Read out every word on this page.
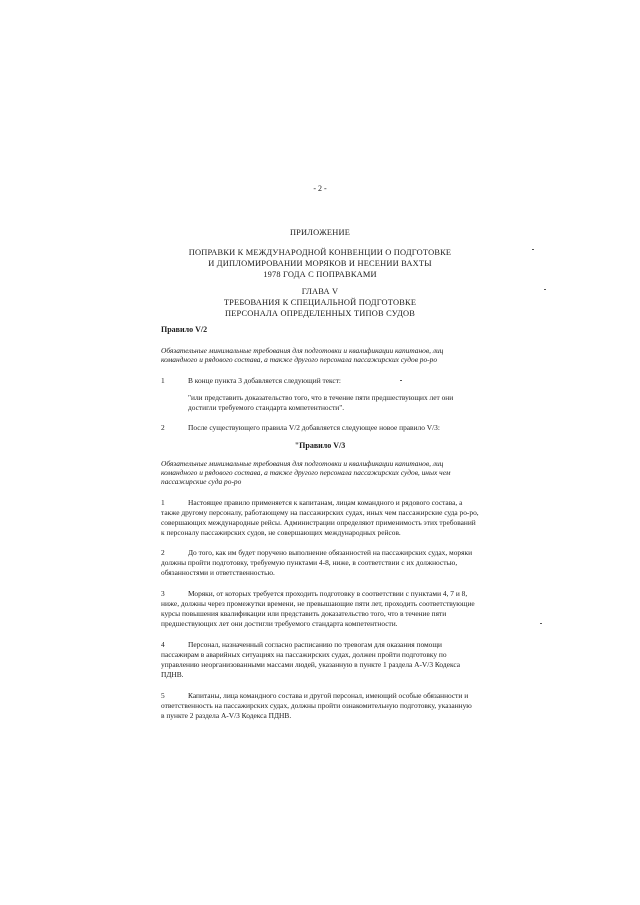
- 2 -
ПРИЛОЖЕНИЕ
ПОПРАВКИ К МЕЖДУНАРОДНОЙ КОНВЕНЦИИ О ПОДГОТОВКЕ
И ДИПЛОМИРОВАНИИ МОРЯКОВ И НЕСЕНИИ ВАХТЫ
1978 ГОДА С ПОПРАВКАМИ
ГЛАВА V
ТРЕБОВАНИЯ К СПЕЦИАЛЬНОЙ ПОДГОТОВКЕ
ПЕРСОНАЛА ОПРЕДЕЛЕННЫХ ТИПОВ СУДОВ
Правило V/2
Обязательные минимальные требования для подготовки и квалификации капитанов, лиц
командного и рядового состава, а также другого персонала пассажирских судов ро-ро
1	В конце пункта 3 добавляется следующий текст:
"или представить доказательство того, что в течение пяти предшествующих лет они
достигли требуемого стандарта компетентности".
2	После существующего правила V/2 добавляется следующее новое правило V/3:
"Правило V/3
Обязательные минимальные требования для подготовки и квалификации капитанов, лиц
командного и рядового состава, а также другого персонала пассажирских судов, иных чем
пассажирские суда ро-ро
1	Настоящее правило применяется к капитанам, лицам командного и рядового состава, а
также другому персоналу, работающему на пассажирских судах, иных чем пассажирские суда ро-ро,
совершающих международные рейсы. Администрации определяют применимость этих требований
к персоналу пассажирских судов, не совершающих международных рейсов.
2	До того, как им будет поручено выполнение обязанностей на пассажирских судах, моряки
должны пройти подготовку, требуемую пунктами 4-8, ниже, в соответствии с их должностью,
обязанностями и ответственностью.
3	Моряки, от которых требуется проходить подготовку в соответствии с пунктами 4, 7 и 8,
ниже, должны через промежутки времени, не превышающие пяти лет, проходить соответствующие
курсы повышения квалификации или представить доказательство того, что в течение пяти
предшествующих лет они достигли требуемого стандарта компетентности.
4	Персонал, назначенный согласно расписанию по тревогам для оказания помощи
пассажирам в аварийных ситуациях на пассажирских судах, должен пройти подготовку по
управлению неорганизованными массами людей, указанную в пункте 1 раздела A-V/3 Кодекса
ПДНВ.
5	Капитаны, лица командного состава и другой персонал, имеющий особые обязанности и
ответственность на пассажирских судах, должны пройти ознакомительную подготовку, указанную
в пункте 2 раздела A-V/3 Кодекса ПДНВ.
